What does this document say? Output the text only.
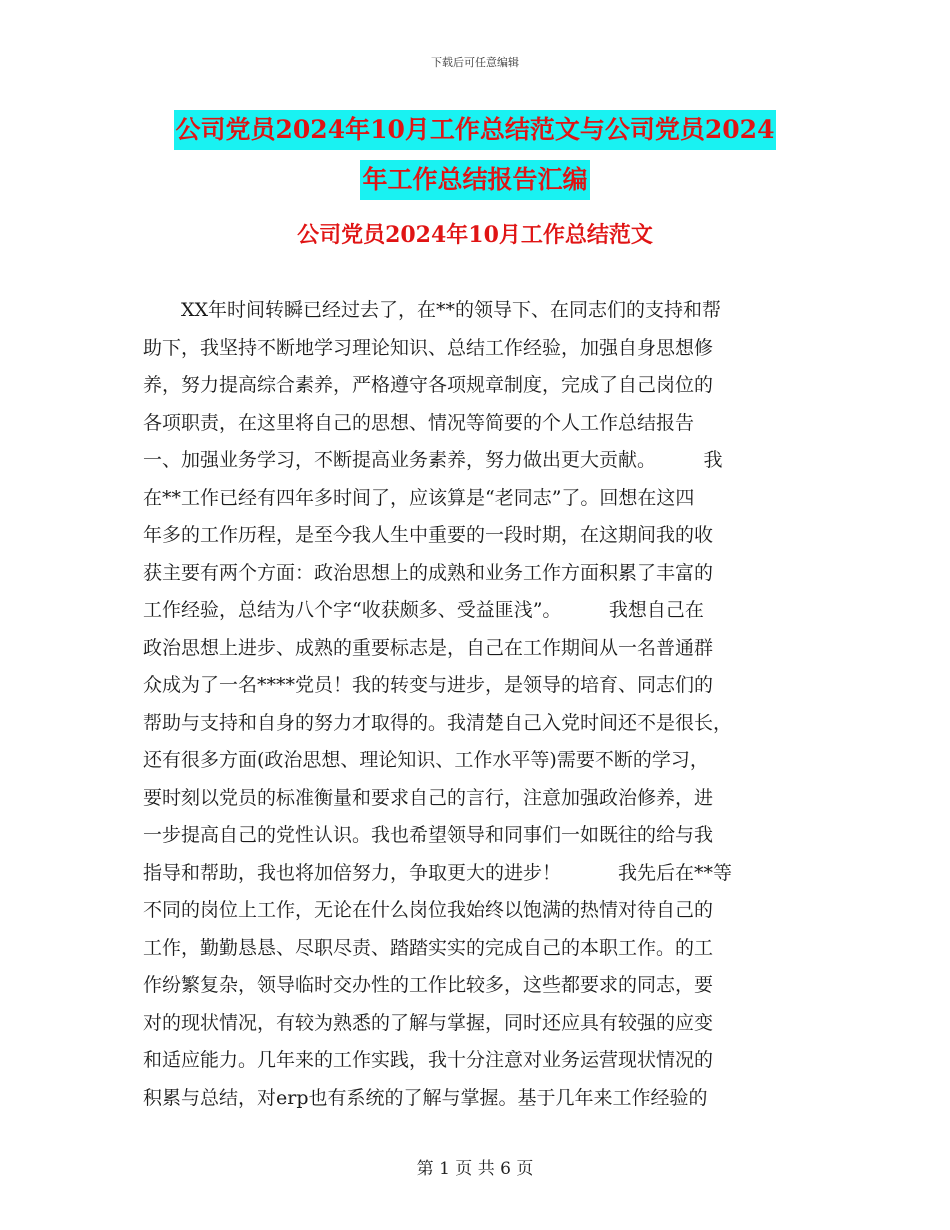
下载后可任意编辑
公司党员2024年10月工作总结范文与公司党员2024
年工作总结报告汇编
公司党员2024年10月工作总结范文
　　XX年时间转瞬已经过去了，在**的领导下、在同志们的支持和帮
助下，我坚持不断地学习理论知识、总结工作经验，加强自身思想修
养，努力提高综合素养，严格遵守各项规章制度，完成了自己岗位的
各项职责，在这里将自己的思想、情况等简要的个人工作总结报告
一、加强业务学习，不断提高业务素养，努力做出更大贡献。　　　我
在**工作已经有四年多时间了，应该算是“老同志”了。回想在这四
年多的工作历程，是至今我人生中重要的一段时期，在这期间我的收
获主要有两个方面：政治思想上的成熟和业务工作方面积累了丰富的
工作经验，总结为八个字“收获颇多、受益匪浅”。　　　我想自己在
政治思想上进步、成熟的重要标志是，自己在工作期间从一名普通群
众成为了一名****党员！我的转变与进步，是领导的培育、同志们的
帮助与支持和自身的努力才取得的。我清楚自己入党时间还不是很长，
还有很多方面(政治思想、理论知识、工作水平等)需要不断的学习，
要时刻以党员的标准衡量和要求自己的言行，注意加强政治修养，进
一步提高自己的党性认识。我也希望领导和同事们一如既往的给与我
指导和帮助，我也将加倍努力，争取更大的进步！　　　我先后在**等
不同的岗位上工作，无论在什么岗位我始终以饱满的热情对待自己的
工作，勤勤恳恳、尽职尽责、踏踏实实的完成自己的本职工作。的工
作纷繁复杂，领导临时交办性的工作比较多，这些都要求的同志，要
对的现状情况，有较为熟悉的了解与掌握，同时还应具有较强的应变
和适应能力。几年来的工作实践，我十分注意对业务运营现状情况的
积累与总结，对erp也有系统的了解与掌握。基于几年来工作经验的
第 1 页 共 6 页
